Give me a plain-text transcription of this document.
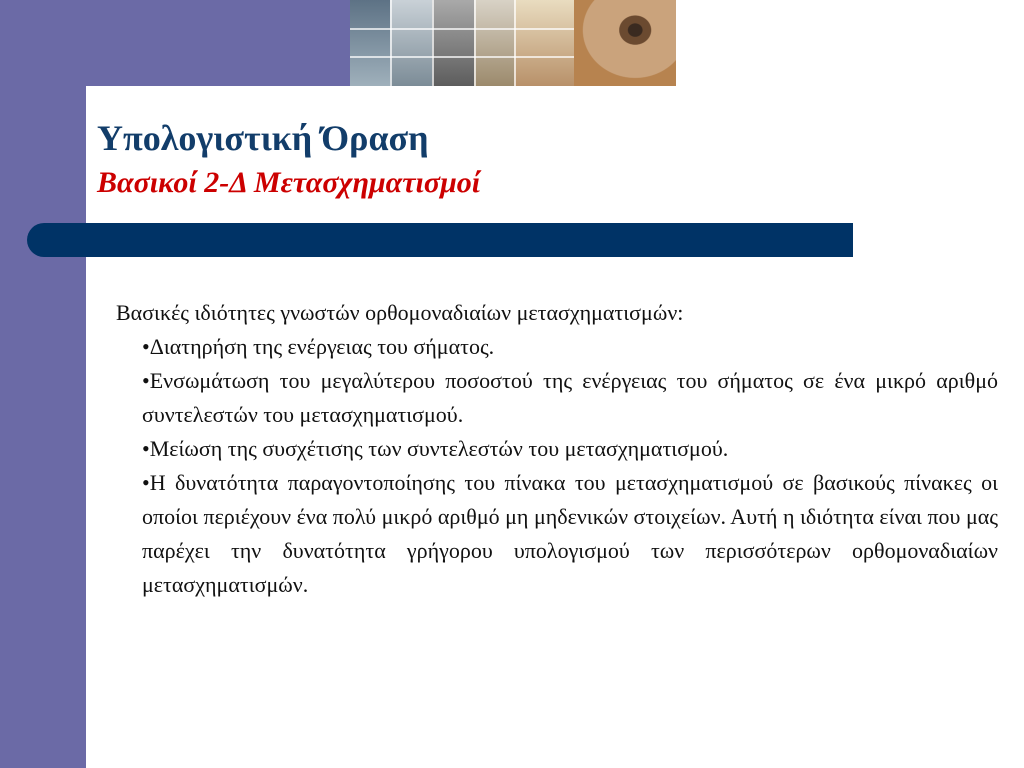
Υπολογιστική Όραση
Βασικοί 2-Δ Μετασχηματισμοί

Βασικές ιδιότητες γνωστών ορθομοναδιαίων μετασχηματισμών:

•Διατηρήση της ενέργειας του σήματος.
•Ενσωμάτωση του μεγαλύτερου ποσοστού της ενέργειας του σήματος σε ένα μικρό αριθμό συντελεστών του μετασχηματισμού.
•Μείωση της συσχέτισης των συντελεστών του μετασχηματισμού.
•Η δυνατότητα παραγοντοποίησης του πίνακα του μετασχηματισμού σε βασικούς πίνακες οι οποίοι περιέχουν ένα πολύ μικρό αριθμό μη μηδενικών στοιχείων. Αυτή η ιδιότητα είναι που μας παρέχει την δυνατότητα γρήγορου υπολογισμού των περισσότερων ορθομοναδιαίων μετασχηματισμών.
